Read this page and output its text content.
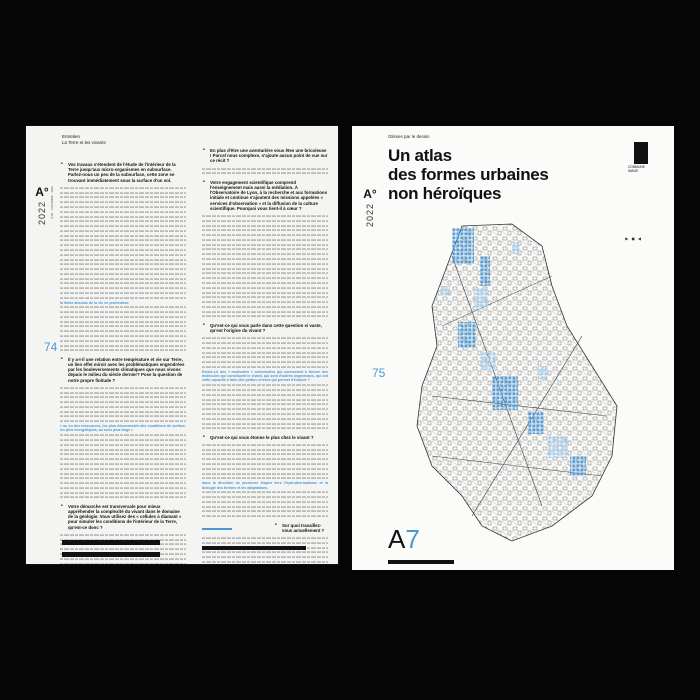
Entretien
La Terre et les vivants
A°
2022 ÉTÉ · AUTOMNE · 2022
74
• Vos travaux s'étendent de l'étude de l'intérieur de la Terre jusqu'aux micro-organismes en subsurface. Parlez-nous un peu de la subsurface, cette zone se trouvant immédiatement sous la surface d'un sol.
la limite absolue de la vie en profondeur.
• Il y a-t-il une relation entre température et vie sur Terre, un lien effet miroir avec les problématiques engendrées par les bouleversements climatiques que nous vivons depuis le milieu du siècle dernier? Pose la question de notre propre finitude ?
« au vu des ressources, les plus déconnectés des conditions de surface, les plus énergétiques, au sens plus large »
• Votre démarche est transversale pour mieux appréhender la complexité du vivant dans le domaine de la géologie. Vous utilisez des « cellules à diamant » pour simuler les conditions de l'intérieur de la Terre, qu'est-ce donc ?
• En plus d'être une aventurière vous êtes une bricoleuse ! Parcel nous complexe, n'ajoute aucun point de vue sur ce récit ?
• Votre engagement scientifique comprend l'enseignement mais aussi la médiation. À l'Observatoire de Lyon, à la recherche et aux formations initiale et continue s'ajoutent des missions appelées « services d'observation » et la diffusion de la culture scientifique. Pourquoi vous tient-il à cœur ?
• Qu'est-ce qui vous parle dans cette question si vaste, qu'est l'origine du vivant ?
Existe-t-il des « molécules » universelles qui connectent à former des molécules qui constituent le vivant, qui sont d'autres organismes, qui ont cette capacité à faire des petites erreurs qui permet d'évoluer ?
• Qu'est-ce qui vous étonne le plus chez le vivant ?
dans la direction de plusieurs étapes vers l'hydrothermalisme et la biologie des formes et les adaptations.
• Sur quoi travaillez-vous actuellement ?
Glisses par le dessin
Un atlas
des formes urbaines
non héroïques
COMMUNE
IMAGE
▶ ◼ ◀
A°
2022
75
A7
